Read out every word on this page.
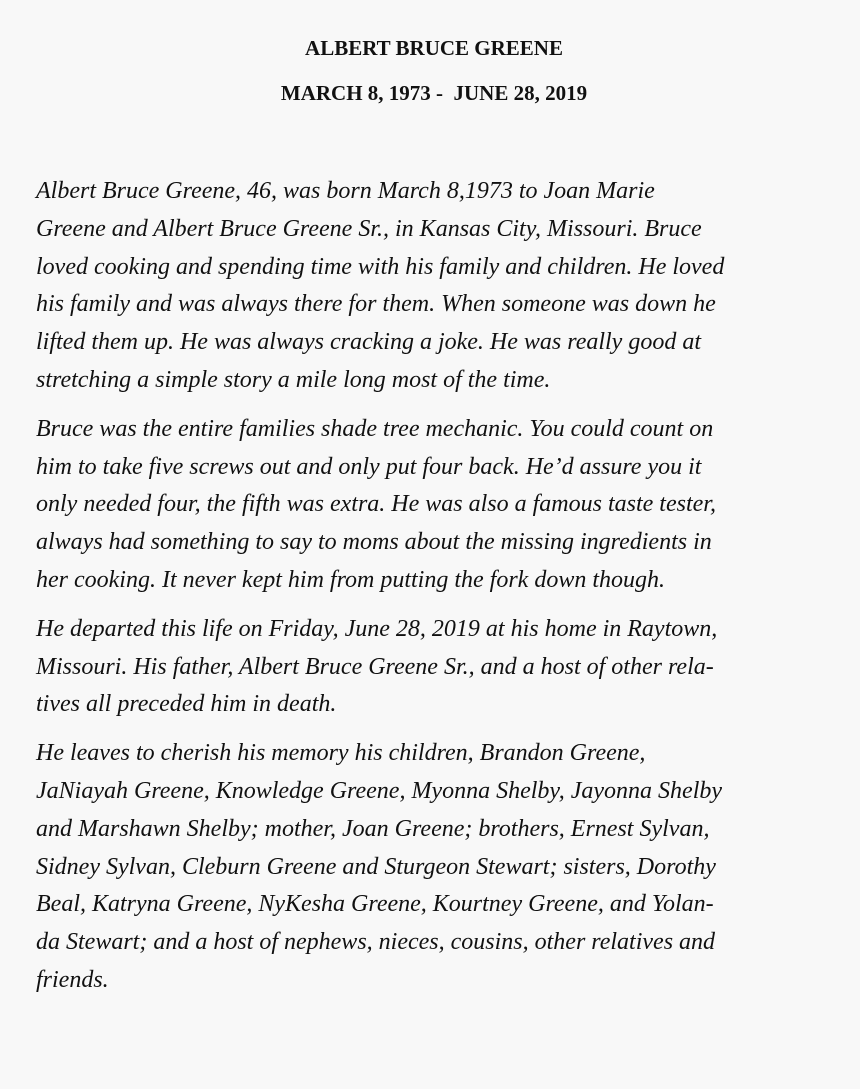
ALBERT BRUCE GREENE
MARCH 8, 1973 -  JUNE 28, 2019

Albert Bruce Greene, 46, was born March 8,1973 to Joan Marie
Greene and Albert Bruce Greene Sr., in Kansas City, Missouri. Bruce
loved cooking and spending time with his family and children. He loved
his family and was always there for them. When someone was down he
lifted them up. He was always cracking a joke. He was really good at
stretching a simple story a mile long most of the time.

Bruce was the entire families shade tree mechanic. You could count on
him to take five screws out and only put four back. He’d assure you it
only needed four, the fifth was extra. He was also a famous taste tester,
always had something to say to moms about the missing ingredients in
her cooking. It never kept him from putting the fork down though.

He departed this life on Friday, June 28, 2019 at his home in Raytown,
Missouri. His father, Albert Bruce Greene Sr., and a host of other rela-
tives all preceded him in death.

He leaves to cherish his memory his children, Brandon Greene,
JaNiayah Greene, Knowledge Greene, Myonna Shelby, Jayonna Shelby
and Marshawn Shelby; mother, Joan Greene; brothers, Ernest Sylvan,
Sidney Sylvan, Cleburn Greene and Sturgeon Stewart; sisters, Dorothy
Beal, Katryna Greene, NyKesha Greene, Kourtney Greene, and Yolan-
da Stewart; and a host of nephews, nieces, cousins, other relatives and
friends.
